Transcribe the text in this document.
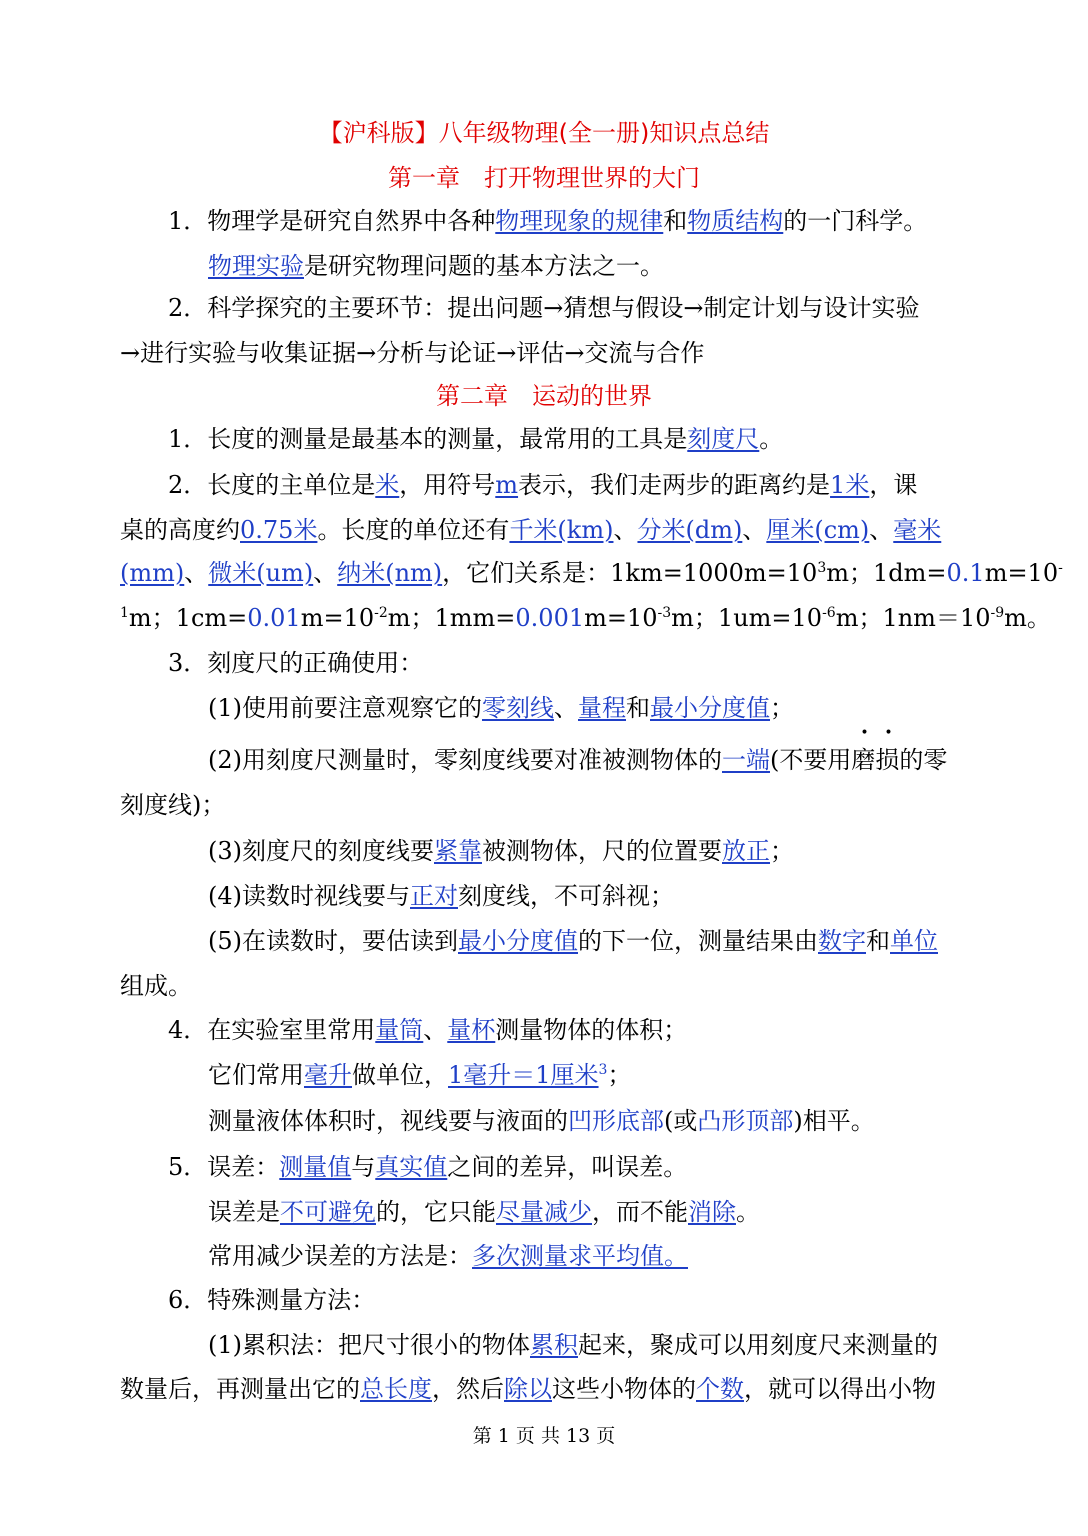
【沪科版】八年级物理(全一册)知识点总结
第一章　打开物理世界的大门
1．物理学是研究自然界中各种物理现象的规律和物质结构的一门科学。
物理实验是研究物理问题的基本方法之一。
2．科学探究的主要环节：提出问题→猜想与假设→制定计划与设计实验
→进行实验与收集证据→分析与论证→评估→交流与合作
第二章　运动的世界
1．长度的测量是最基本的测量，最常用的工具是刻度尺。
2．长度的主单位是米，用符号m表示，我们走两步的距离约是1米，课
桌的高度约0.75米。长度的单位还有千米(km)、分米(dm)、厘米(cm)、毫米
(mm)、微米(um)、纳米(nm)，它们关系是：$1km=1000m=10^3m$；1dm=0.1m=10-
$^1$m；$1cm=0.01m=10^{-2}m$；$1mm=0.001m=10^{-3}m$；$1um=10^{-6}m$；$1nm=10^{-9}m$。
3．刻度尺的正确使用：
(1)使用前要注意观察它的零刻线、量程和最小分度值；
(2)用刻度尺测量时，零刻度线要对准被测物体的一端(不要用磨损的零
刻度线)；
(3)刻度尺的刻度线要紧靠被测物体，尺的位置要放正；
(4)读数时视线要与正对刻度线，不可斜视；
(5)在读数时，要估读到最小分度值的下一位，测量结果由数字和单位
组成。
4．在实验室里常用量筒、量杯测量物体的体积；
它们常用毫升做单位，1毫升＝1厘米$^3$；
测量液体体积时，视线要与液面的凹形底部(或凸形顶部)相平。
5．误差：测量值与真实值之间的差异，叫误差。
误差是不可避免的，它只能尽量减少，而不能消除。
常用减少误差的方法是：多次测量求平均值。
6．特殊测量方法：
(1)累积法：把尺寸很小的物体累积起来，聚成可以用刻度尺来测量的
数量后，再测量出它的总长度，然后除以这些小物体的个数，就可以得出小物
第 1 页 共 13 页
